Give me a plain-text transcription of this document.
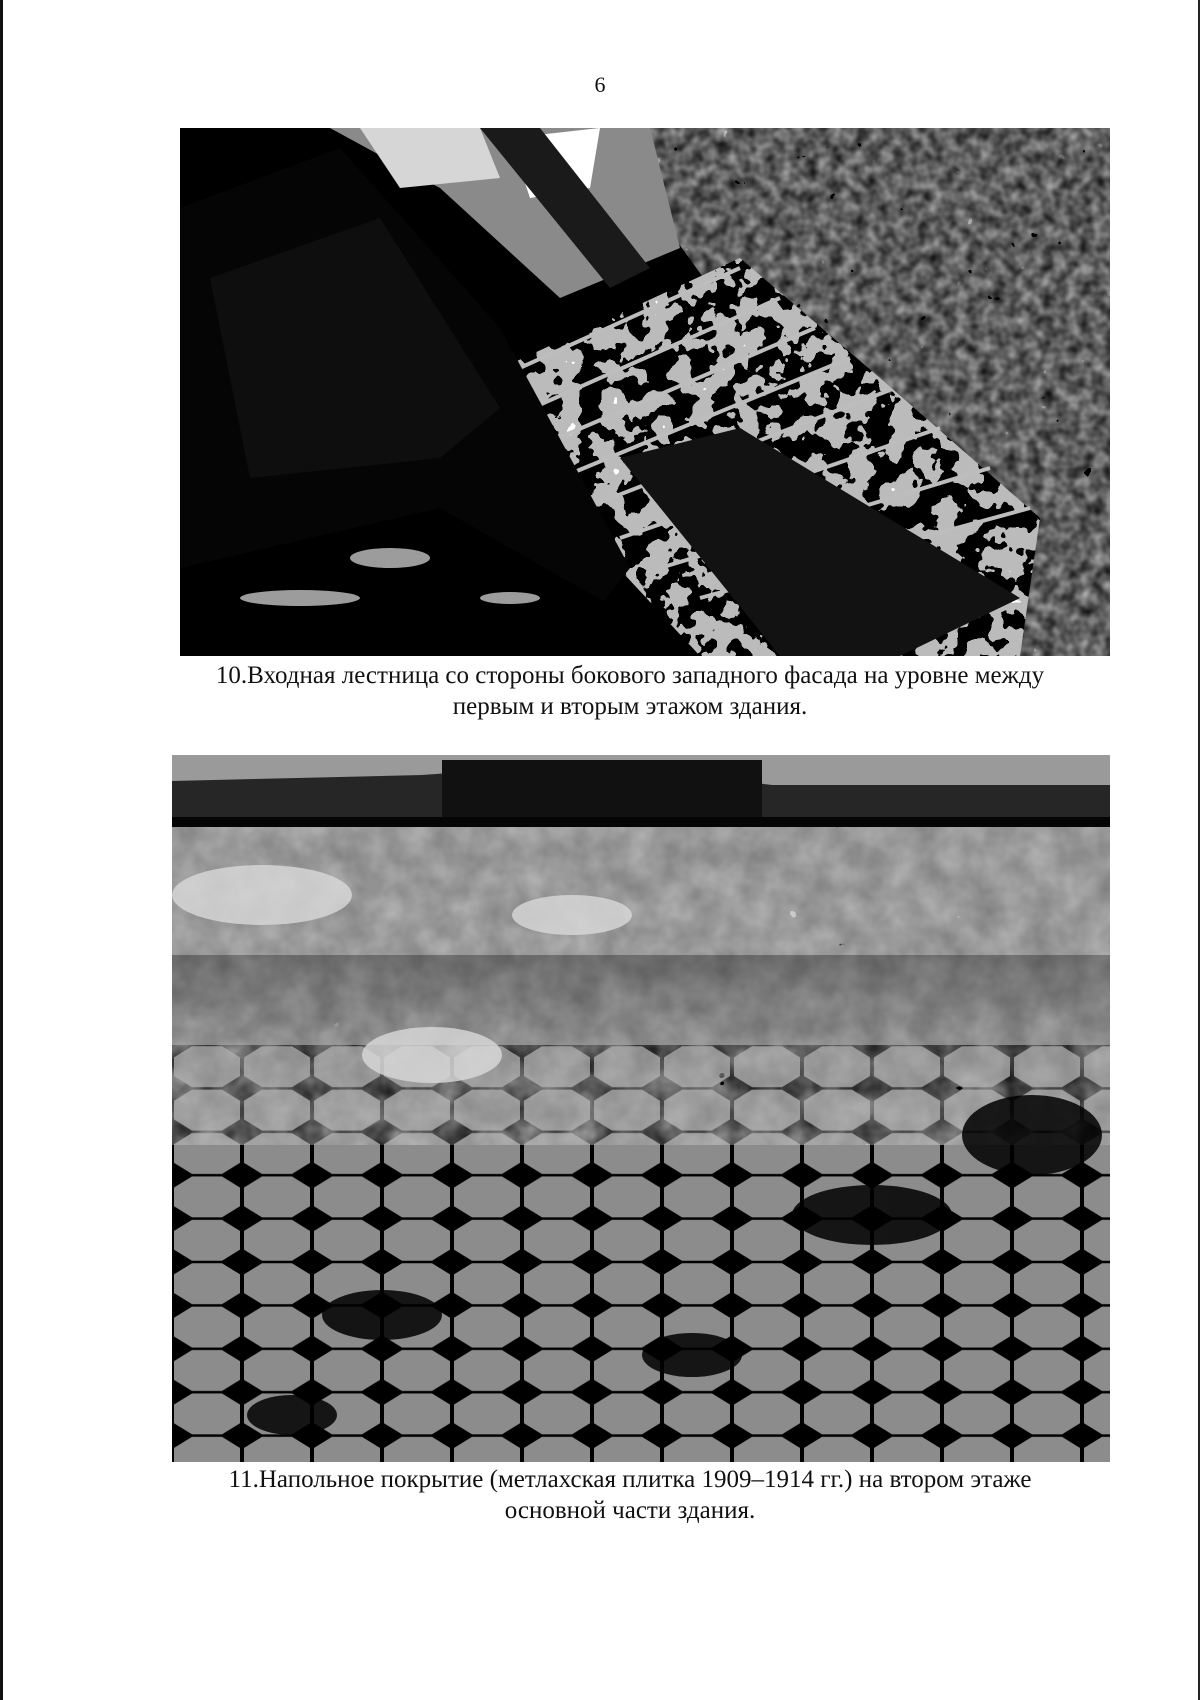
6
10.Входная лестница со стороны бокового западного фасада на уровне между
первым и вторым этажом здания.
11.Напольное покрытие (метлахская плитка 1909–1914 гг.) на втором этаже
основной части здания.
